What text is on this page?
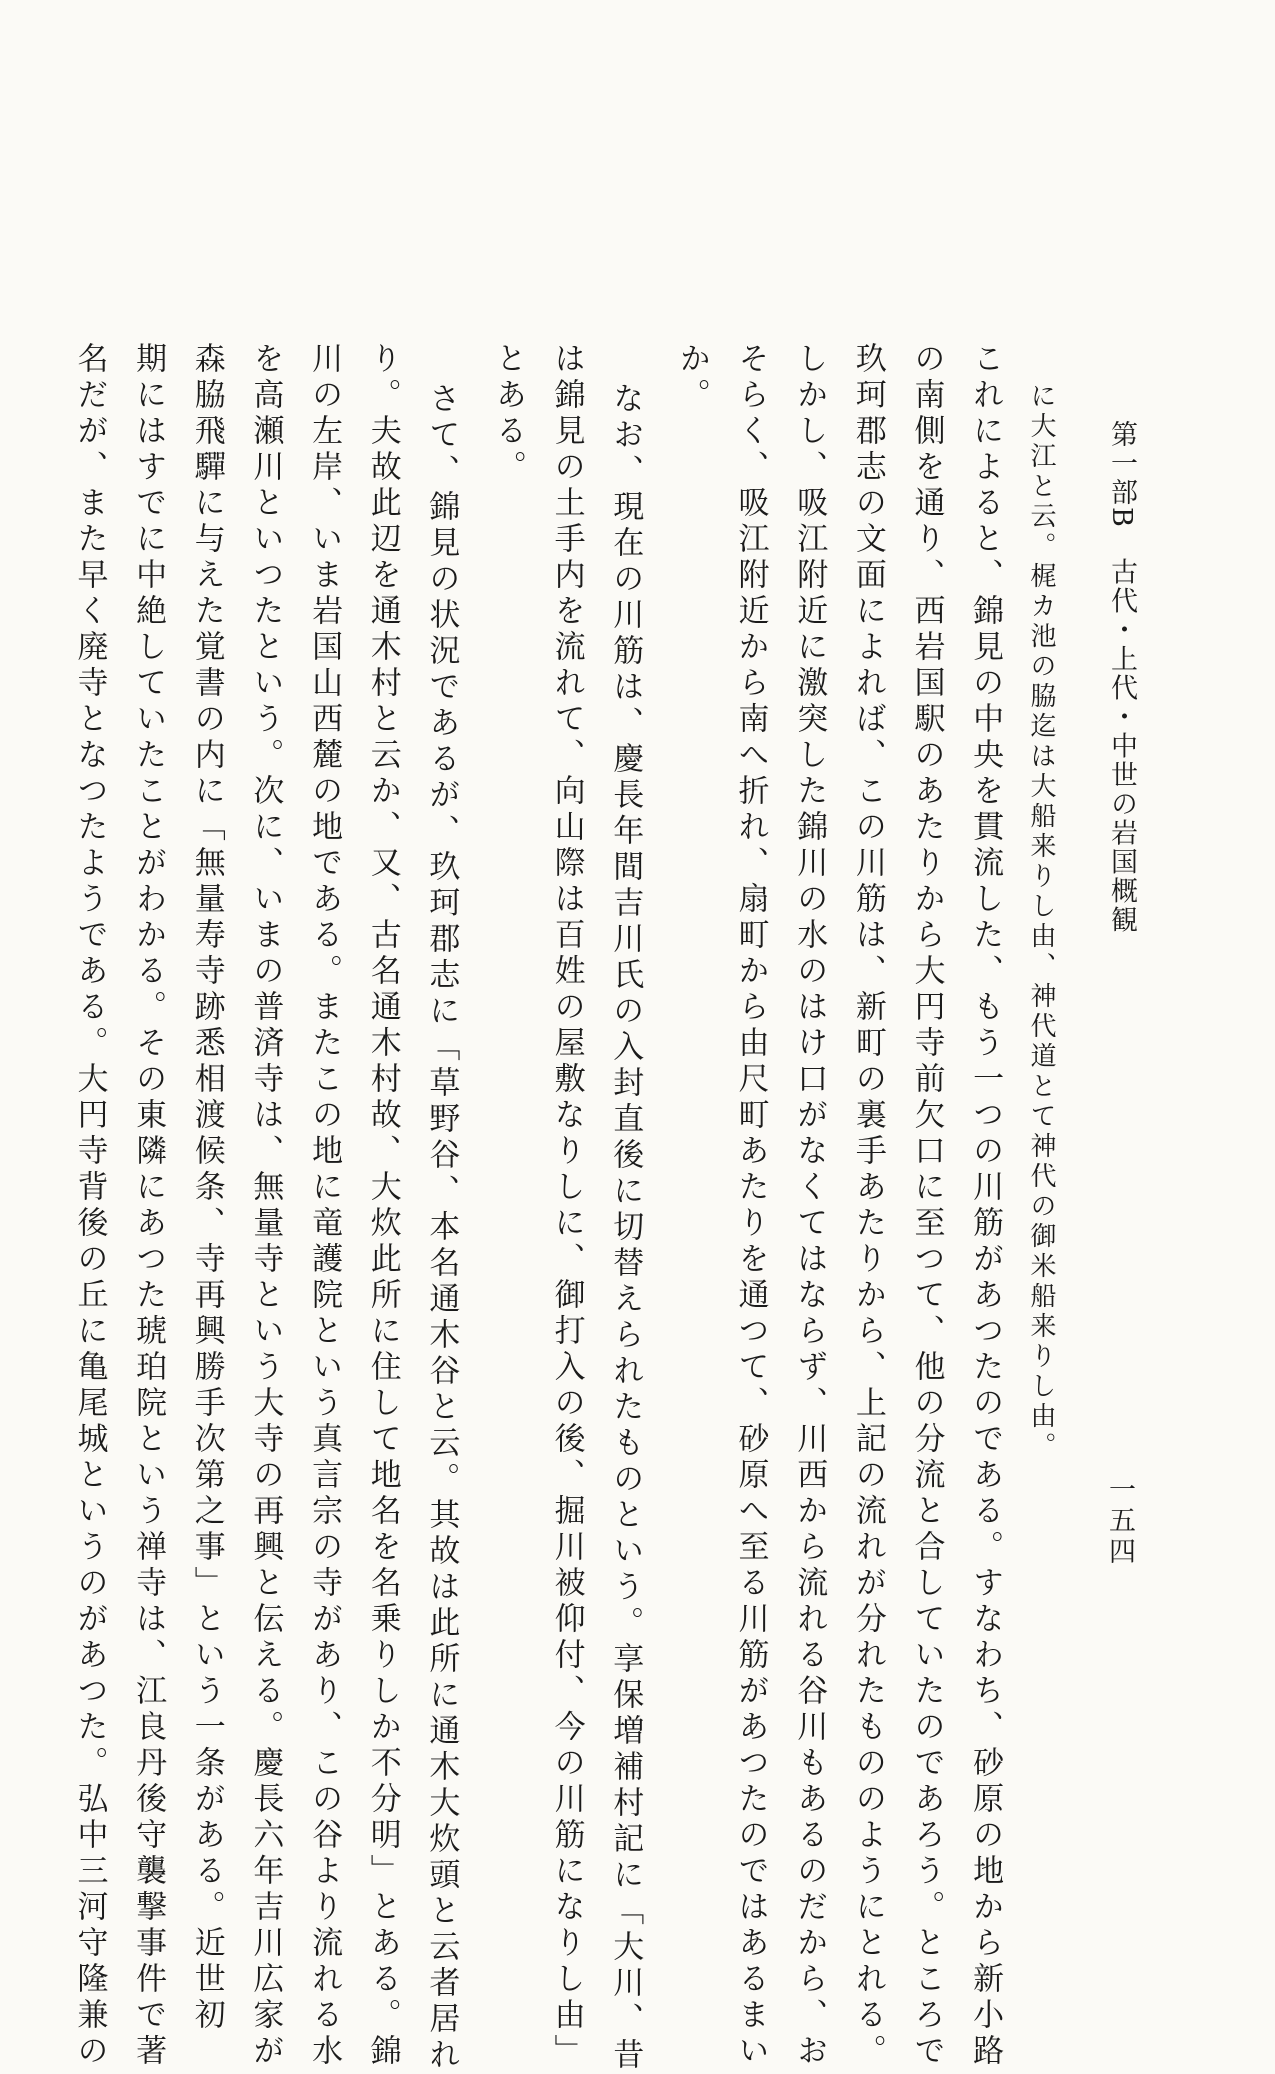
第一部B　古代・上代・中世の岩国概観
一五四
に大江と云。梶カ池の脇迄は大船来りし由、神代道とて神代の御米船来りし由。
これによると、錦見の中央を貫流した、もう一つの川筋があつたのである。すなわち、砂原の地から新小路
の南側を通り、西岩国駅のあたりから大円寺前欠口に至つて、他の分流と合していたのであろう。ところで
玖珂郡志の文面によれば、この川筋は、新町の裏手あたりから、上記の流れが分れたもののようにとれる。
しかし、吸江附近に激突した錦川の水のはけ口がなくてはならず、川西から流れる谷川もあるのだから、お
そらく、吸江附近から南へ折れ、扇町から由尺町あたりを通つて、砂原へ至る川筋があつたのではあるまい
か。
なお、現在の川筋は、慶長年間吉川氏の入封直後に切替えられたものという。享保増補村記に「大川、昔
は錦見の土手内を流れて、向山際は百姓の屋敷なりしに、御打入の後、掘川被仰付、今の川筋になりし由」
とある。
さて、錦見の状況であるが、玖珂郡志に「草野谷、本名通木谷と云。其故は此所に通木大炊頭と云者居れ
り。夫故此辺を通木村と云か、又、古名通木村故、大炊此所に住して地名を名乗りしか不分明」とある。錦
川の左岸、いま岩国山西麓の地である。またこの地に竜護院という真言宗の寺があり、この谷より流れる水
を高瀬川といつたという。次に、いまの普済寺は、無量寺という大寺の再興と伝える。慶長六年吉川広家が
森脇飛驒に与えた覚書の内に「無量寿寺跡悉相渡候条、寺再興勝手次第之事」という一条がある。近世初
期にはすでに中絶していたことがわかる。その東隣にあつた琥珀院という禅寺は、江良丹後守襲撃事件で著
名だが、また早く廃寺となつたようである。大円寺背後の丘に亀尾城というのがあつた。弘中三河守隆兼の
